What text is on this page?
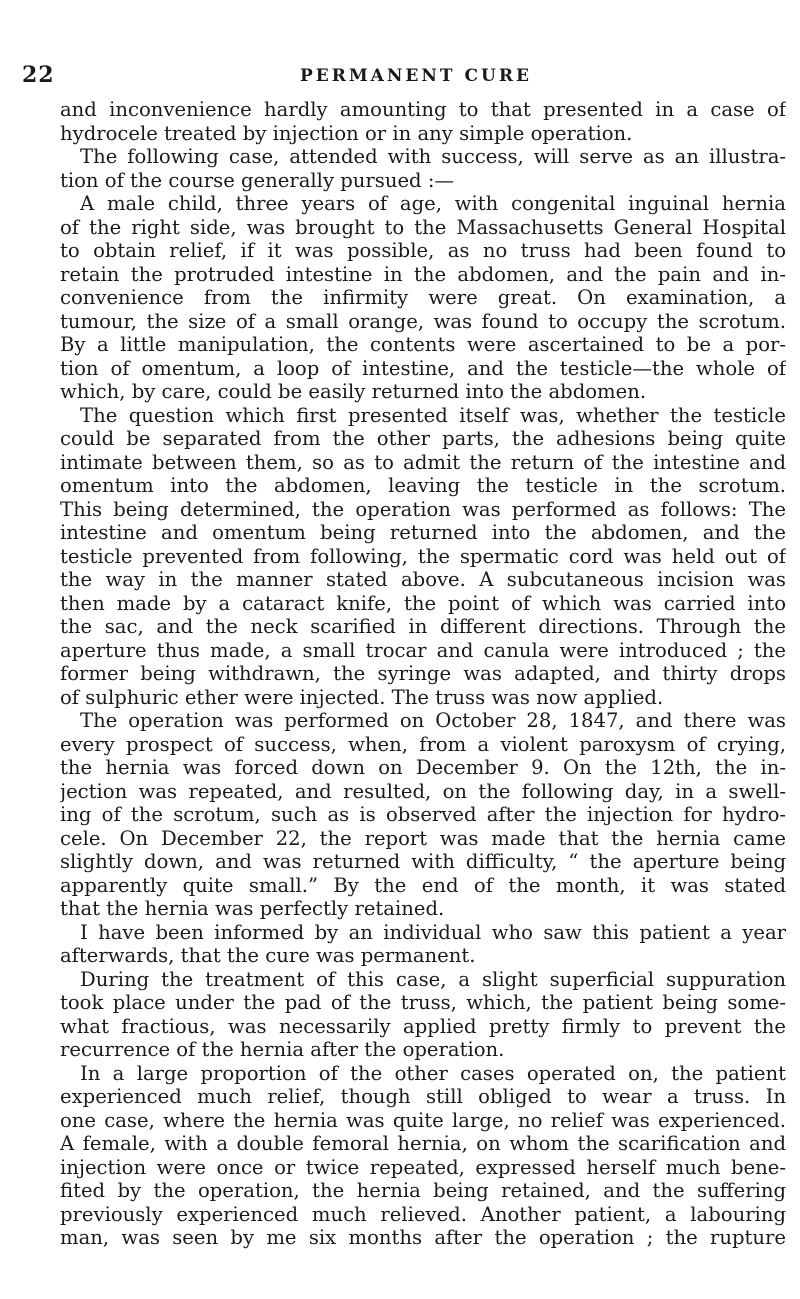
22	PERMANENT CURE
and inconvenience hardly amounting to that presented in a case of
hydrocele treated by injection or in any simple operation.
The following case, attended with success, will serve as an illustra-
tion of the course generally pursued :—
A male child, three years of age, with congenital inguinal hernia
of the right side, was brought to the Massachusetts General Hospital
to obtain relief, if it was possible, as no truss had been found to
retain the protruded intestine in the abdomen, and the pain and in-
convenience from the infirmity were great. On examination, a
tumour, the size of a small orange, was found to occupy the scrotum.
By a little manipulation, the contents were ascertained to be a por-
tion of omentum, a loop of intestine, and the testicle—the whole of
which, by care, could be easily returned into the abdomen.
The question which first presented itself was, whether the testicle
could be separated from the other parts, the adhesions being quite
intimate between them, so as to admit the return of the intestine and
omentum into the abdomen, leaving the testicle in the scrotum.
This being determined, the operation was performed as follows: The
intestine and omentum being returned into the abdomen, and the
testicle prevented from following, the spermatic cord was held out of
the way in the manner stated above. A subcutaneous incision was
then made by a cataract knife, the point of which was carried into
the sac, and the neck scarified in different directions. Through the
aperture thus made, a small trocar and canula were introduced ; the
former being withdrawn, the syringe was adapted, and thirty drops
of sulphuric ether were injected. The truss was now applied.
The operation was performed on October 28, 1847, and there was
every prospect of success, when, from a violent paroxysm of crying,
the hernia was forced down on December 9. On the 12th, the in-
jection was repeated, and resulted, on the following day, in a swell-
ing of the scrotum, such as is observed after the injection for hydro-
cele. On December 22, the report was made that the hernia came
slightly down, and was returned with difficulty, “ the aperture being
apparently quite small.” By the end of the month, it was stated
that the hernia was perfectly retained.
I have been informed by an individual who saw this patient a year
afterwards, that the cure was permanent.
During the treatment of this case, a slight superficial suppuration
took place under the pad of the truss, which, the patient being some-
what fractious, was necessarily applied pretty firmly to prevent the
recurrence of the hernia after the operation.
In a large proportion of the other cases operated on, the patient
experienced much relief, though still obliged to wear a truss. In
one case, where the hernia was quite large, no relief was experienced.
A female, with a double femoral hernia, on whom the scarification and
injection were once or twice repeated, expressed herself much bene-
fited by the operation, the hernia being retained, and the suffering
previously experienced much relieved. Another patient, a labouring
man, was seen by me six months after the operation ; the rupture
